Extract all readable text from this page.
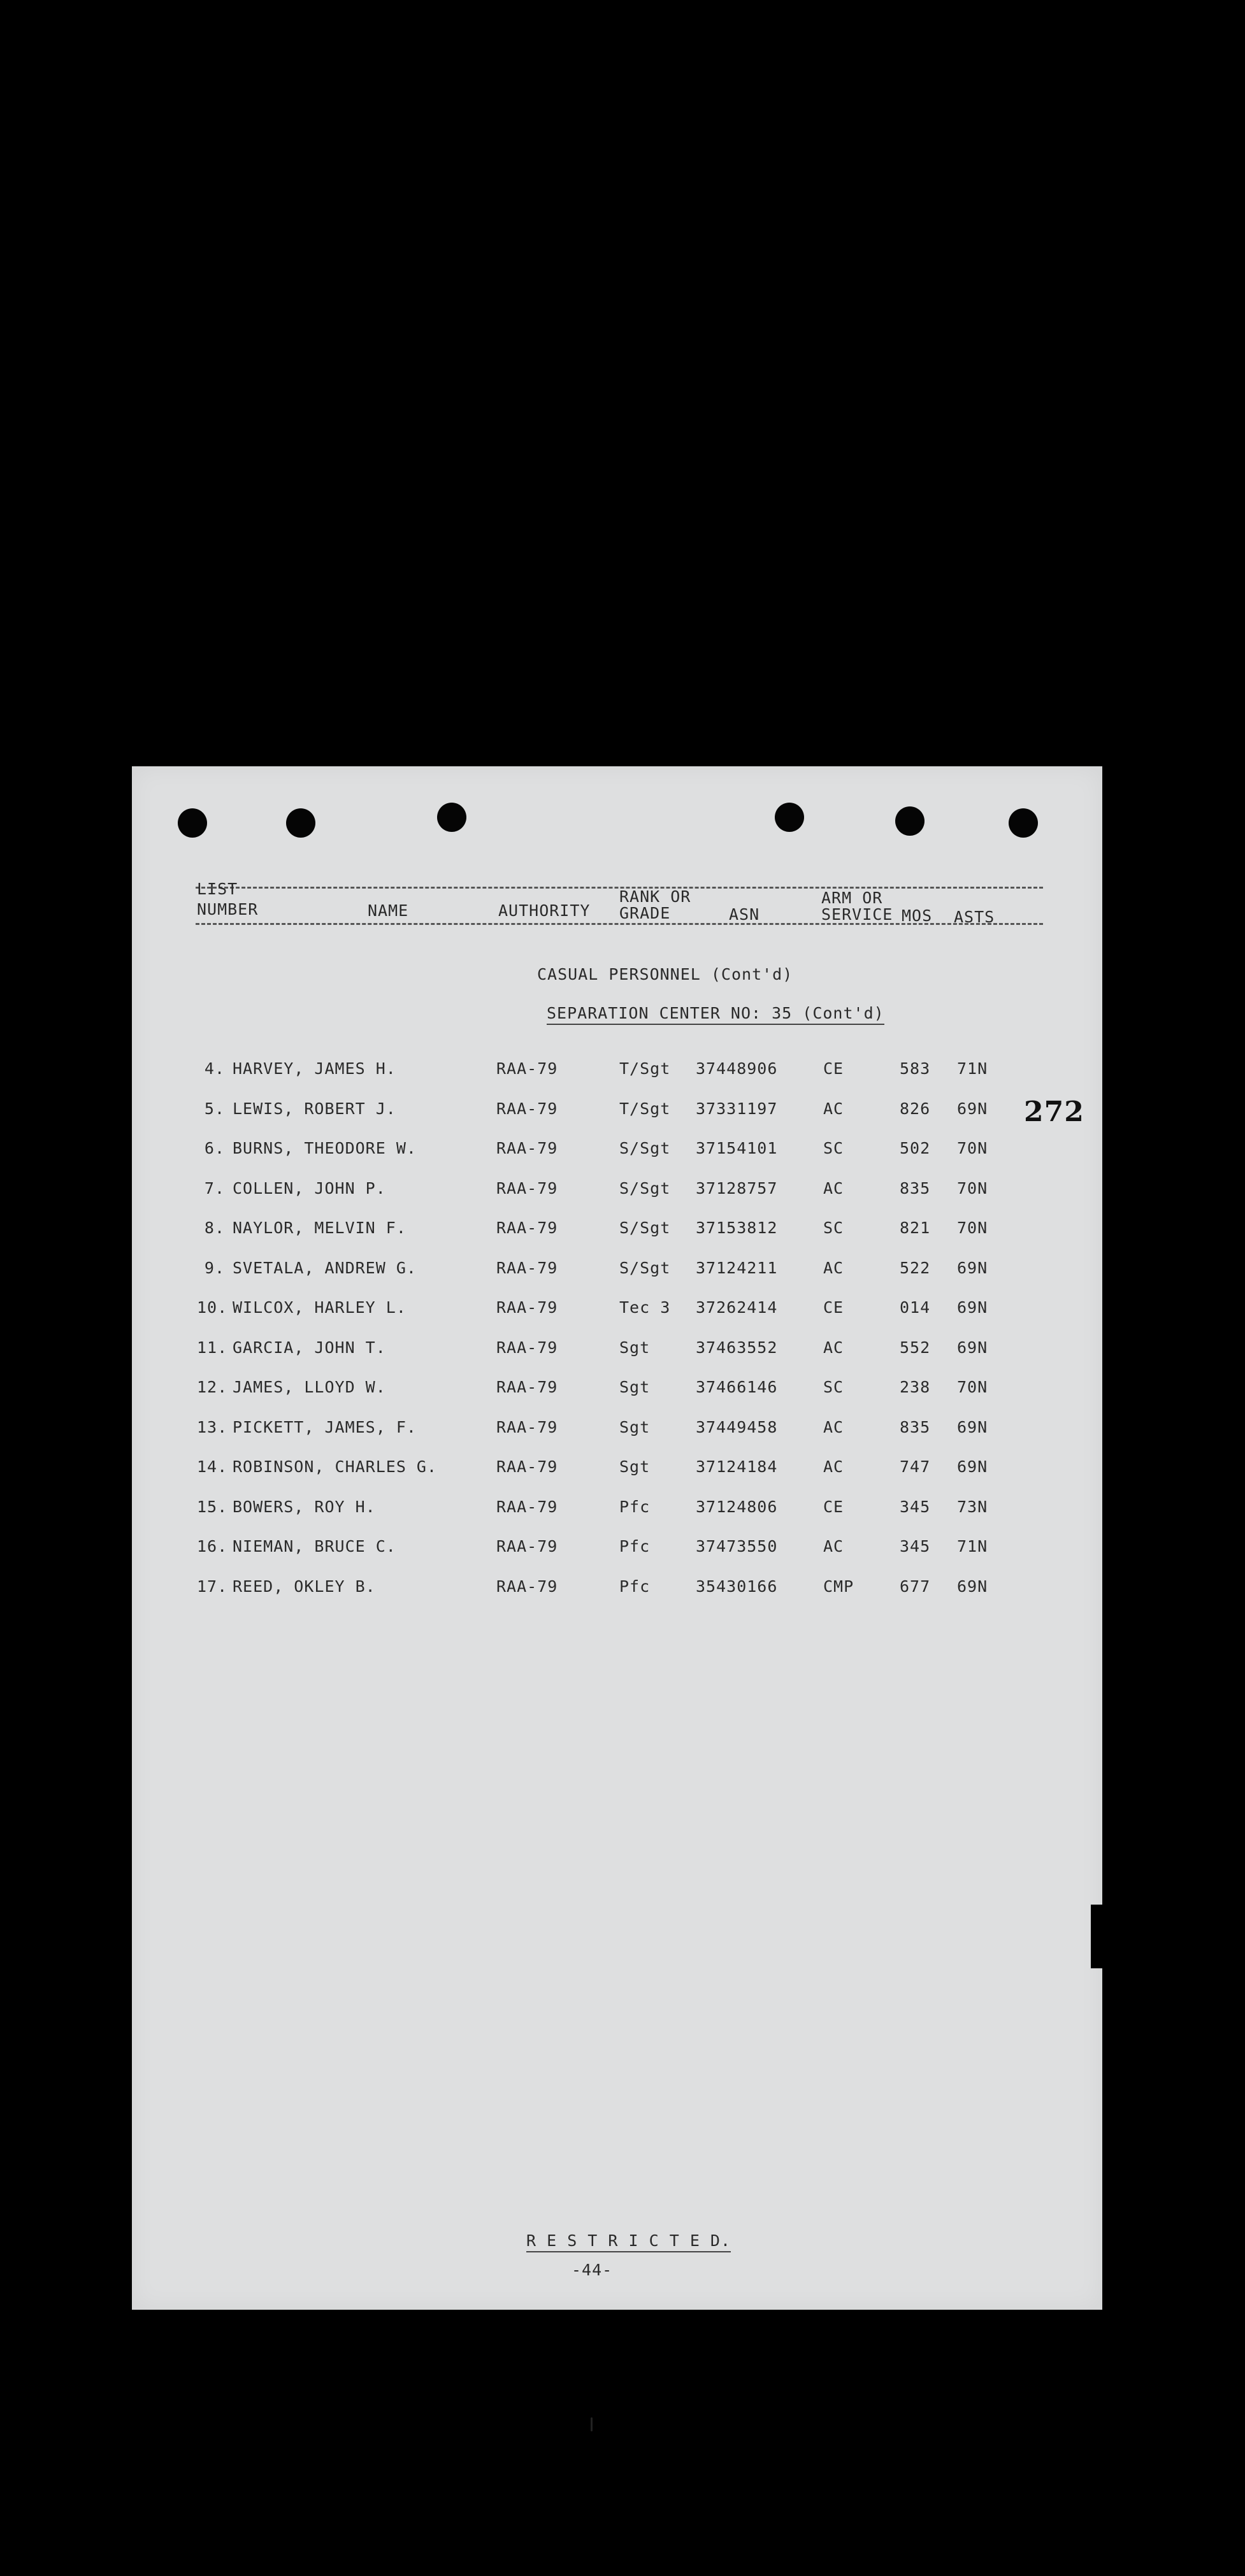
LIST
NUMBER	NAME	AUTHORITY
RANK OR
GRADE	ASN
ARM OR
SERVICE MOS ASTS
CASUAL PERSONNEL (Cont'd)
SEPARATION CENTER NO: 35 (Cont'd)
272
4. HARVEY, JAMES H.	RAA-79	T/Sgt 37448906	CE	583 71N
5. LEWIS, ROBERT J.	RAA-79	T/Sgt 37331197	AC	826 69N
6. BURNS, THEODORE W.	RAA-79	S/Sgt 37154101	SC	502 70N
7. COLLEN, JOHN P.	RAA-79	S/Sgt 37128757	AC	835 70N
8. NAYLOR, MELVIN F.	RAA-79	S/Sgt 37153812	SC	821 70N
9. SVETALA, ANDREW G.	RAA-79	S/Sgt 37124211	AC	522 69N
10. WILCOX, HARLEY L.	RAA-79	Tec 3 37262414	CE	014 69N
11. GARCIA, JOHN T.	RAA-79	Sgt	37463552	AC	552 69N
12. JAMES, LLOYD W.	RAA-79	Sgt	37466146	SC	238 70N
13. PICKETT, JAMES, F.	RAA-79	Sgt	37449458	AC	835 69N
14. ROBINSON, CHARLES G.	RAA-79	Sgt	37124184	AC	747 69N
15. BOWERS, ROY H.	RAA-79	Pfc	37124806	CE	345 73N
16. NIEMAN, BRUCE C.	RAA-79	Pfc	37473550	AC	345 71N
17. REED, OKLEY B.	RAA-79	Pfc	35430166	CMP	677 69N
R E S T R I C T E D.
-44-
